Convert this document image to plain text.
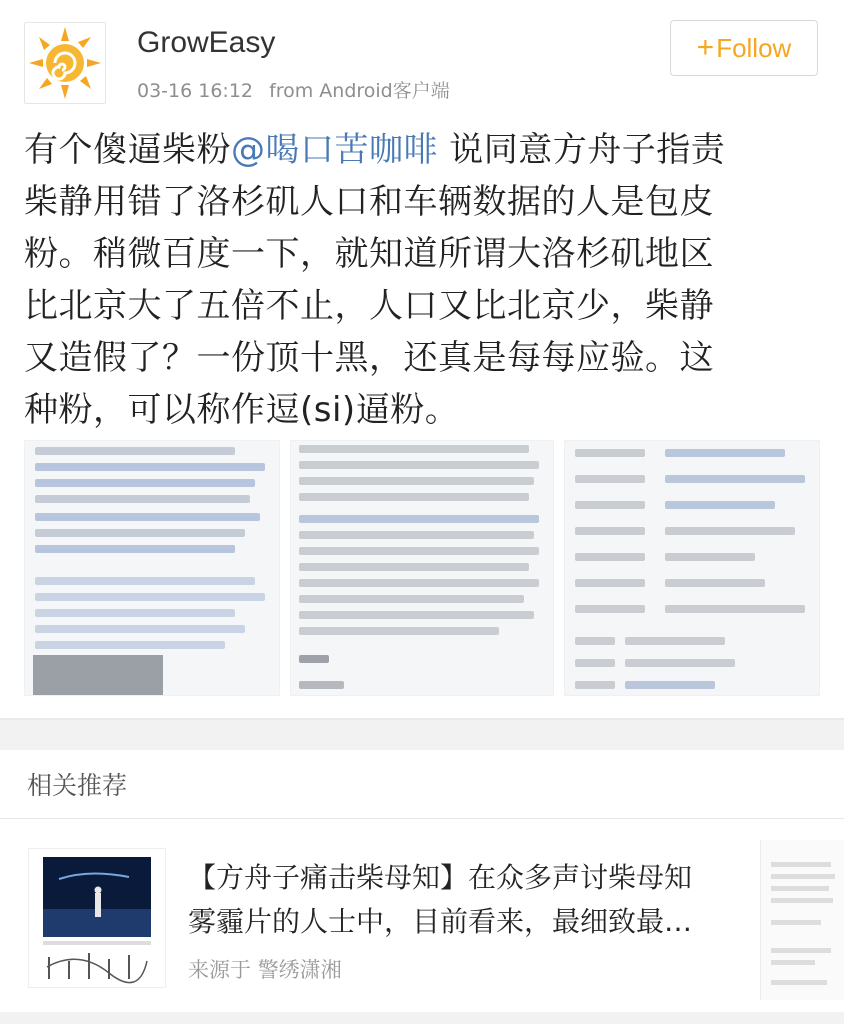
GrowEasy
03-16 16:12 from Android客户端
+ Follow
有个傻逼柴粉@喝口苦咖啡 说同意方舟子指责
柴静用错了洛杉矶人口和车辆数据的人是包皮
粉。稍微百度一下，就知道所谓大洛杉矶地区
比北京大了五倍不止，人口又比北京少，柴静
又造假了？一份顶十黑，还真是每每应验。这
种粉，可以称作逗(si)逼粉。
相关推荐
【方舟子痛击柴母知】在众多声讨柴母知
雾霾片的人士中，目前看来，最细致最…
来源于 警绣潇湘
